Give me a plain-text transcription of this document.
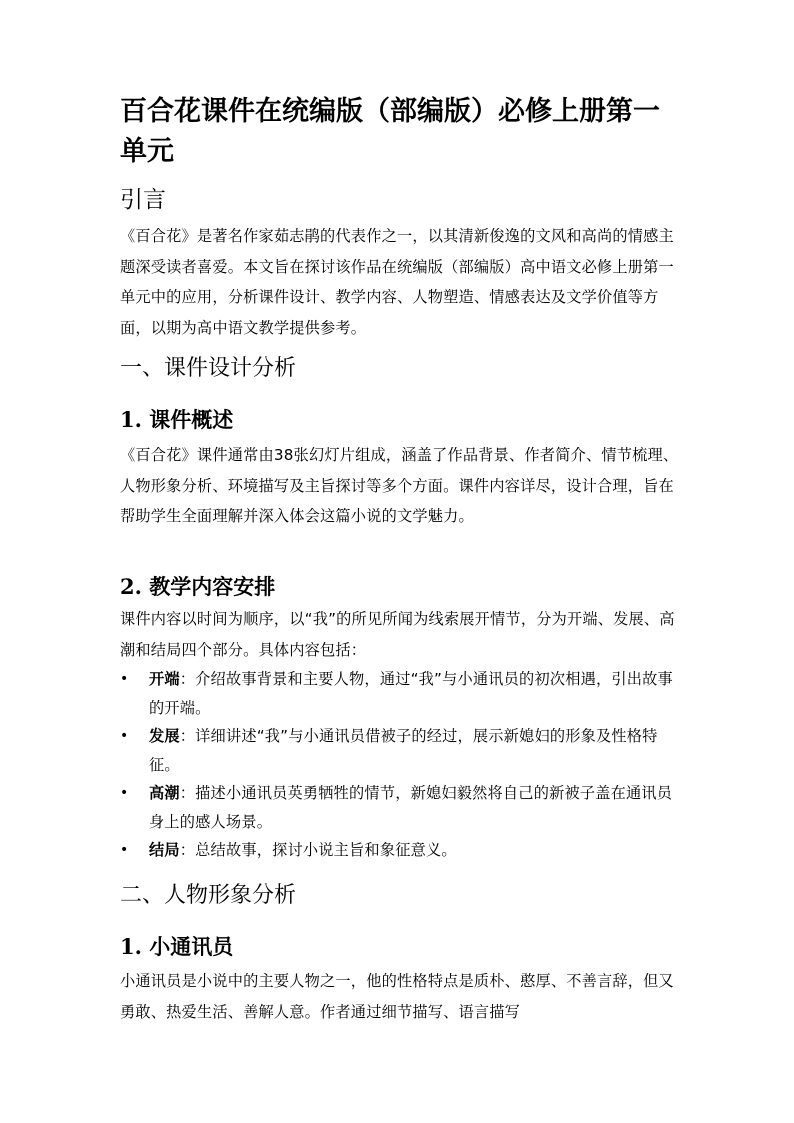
百合花课件在统编版（部编版）必修上册第一单元
引言

《百合花》是著名作家茹志鹃的代表作之一，以其清新俊逸的文风和高尚的情感主题深受读者喜爱。本文旨在探讨该作品在统编版（部编版）高中语文必修上册第一单元中的应用，分析课件设计、教学内容、人物塑造、情感表达及文学价值等方面，以期为高中语文教学提供参考。

一、课件设计分析
1. 课件概述

《百合花》课件通常由38张幻灯片组成，涵盖了作品背景、作者简介、情节梳理、人物形象分析、环境描写及主旨探讨等多个方面。课件内容详尽，设计合理，旨在帮助学生全面理解并深入体会这篇小说的文学魅力。

2. 教学内容安排

课件内容以时间为顺序，以“我”的所见所闻为线索展开情节，分为开端、发展、高潮和结局四个部分。具体内容包括：

• 开端：介绍故事背景和主要人物，通过“我”与小通讯员的初次相遇，引出故事的开端。
• 发展：详细讲述“我”与小通讯员借被子的经过，展示新媳妇的形象及性格特征。
• 高潮：描述小通讯员英勇牺牲的情节，新媳妇毅然将自己的新被子盖在通讯员身上的感人场景。
• 结局：总结故事，探讨小说主旨和象征意义。
二、人物形象分析
1. 小通讯员

小通讯员是小说中的主要人物之一，他的性格特点是质朴、憨厚、不善言辞，但又勇敢、热爱生活、善解人意。作者通过细节描写、语言描写
